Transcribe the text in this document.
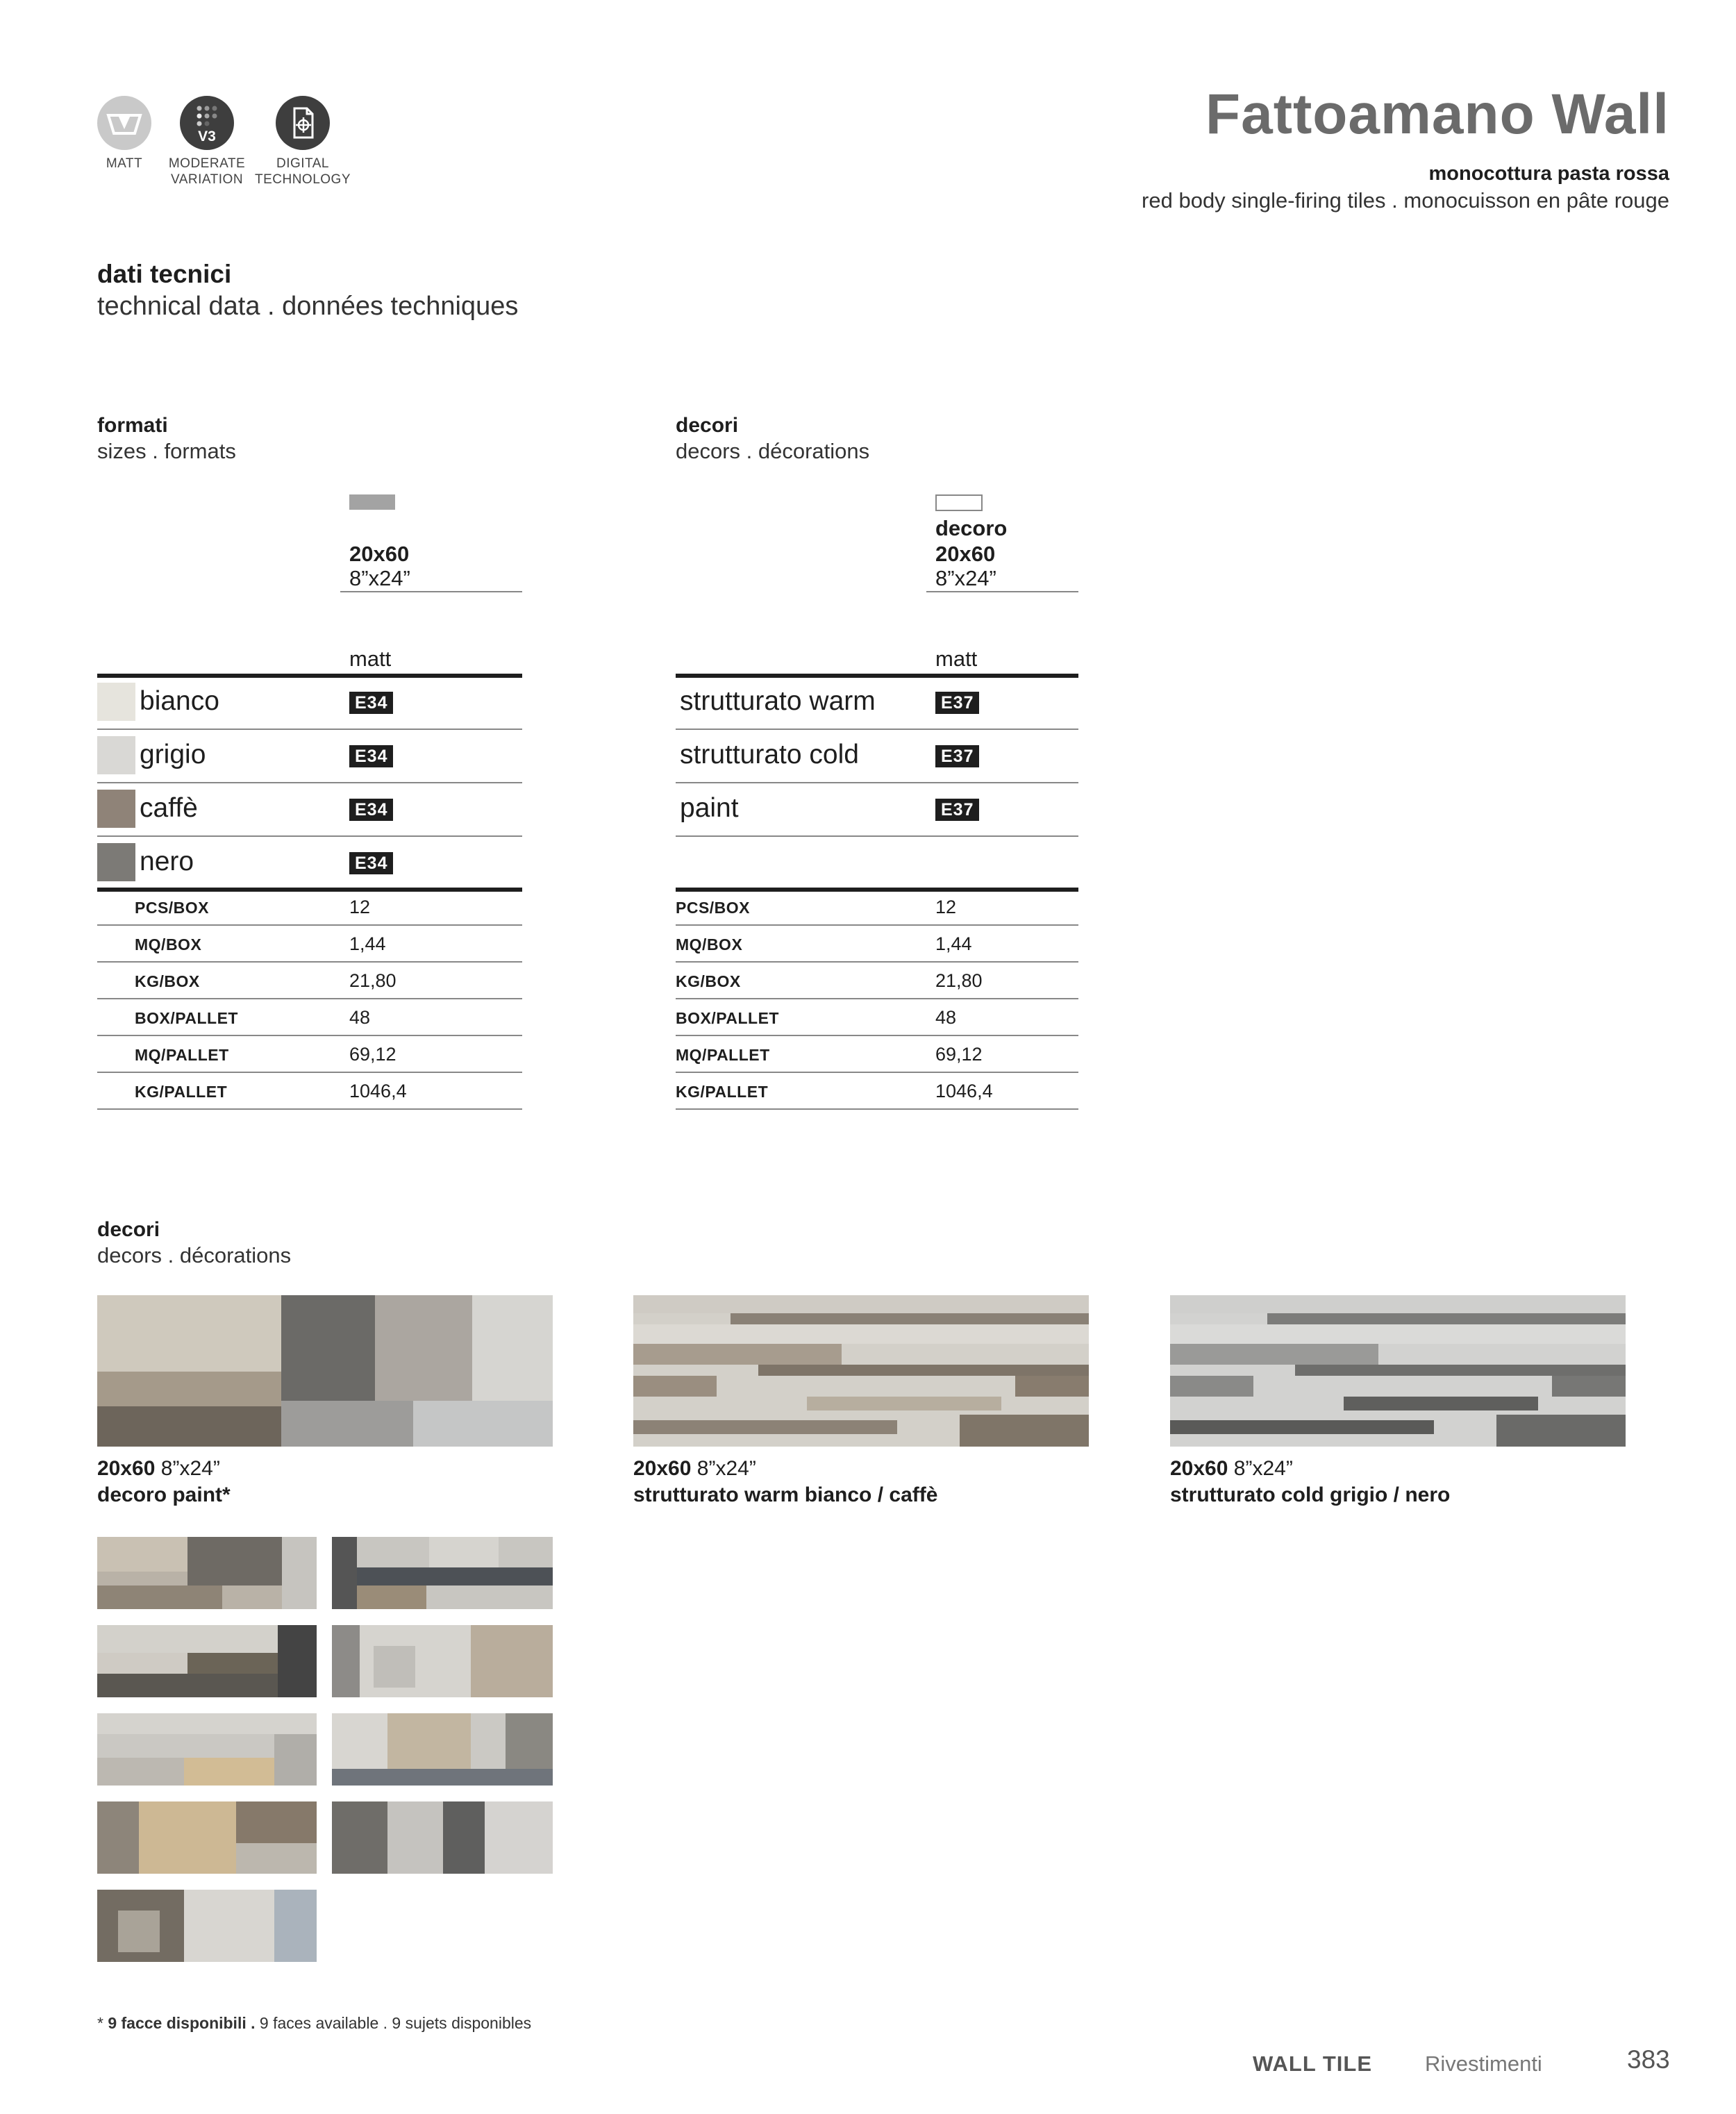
MATT
V3
MODERATE
VARIATION
DIGITAL
TECHNOLOGY
Fattoamano Wall
monocottura pasta rossa
red body single-firing tiles . monocuisson en pâte rouge
dati tecnici
technical data . données techniques
formati
sizes . formats
20x60
8”x24”
matt
bianco	E34
grigio	E34
caffè	E34
nero	E34
PCS/BOX	12
MQ/BOX	1,44
KG/BOX	21,80
BOX/PALLET	48
MQ/PALLET	69,12
KG/PALLET	1046,4
decori
decors . décorations
decoro
20x60
8”x24”
matt
strutturato warm	E37
strutturato cold	E37
paint	E37
PCS/BOX	12
MQ/BOX	1,44
KG/BOX	21,80
BOX/PALLET	48
MQ/PALLET	69,12
KG/PALLET	1046,4
decori
decors . décorations
20x60 8”x24”
decoro paint*
20x60 8”x24”
strutturato warm bianco / caffè
20x60 8”x24”
strutturato cold grigio / nero
* 9 facce disponibili . 9 faces available . 9 sujets disponibles
WALL TILE Rivestimenti	383
